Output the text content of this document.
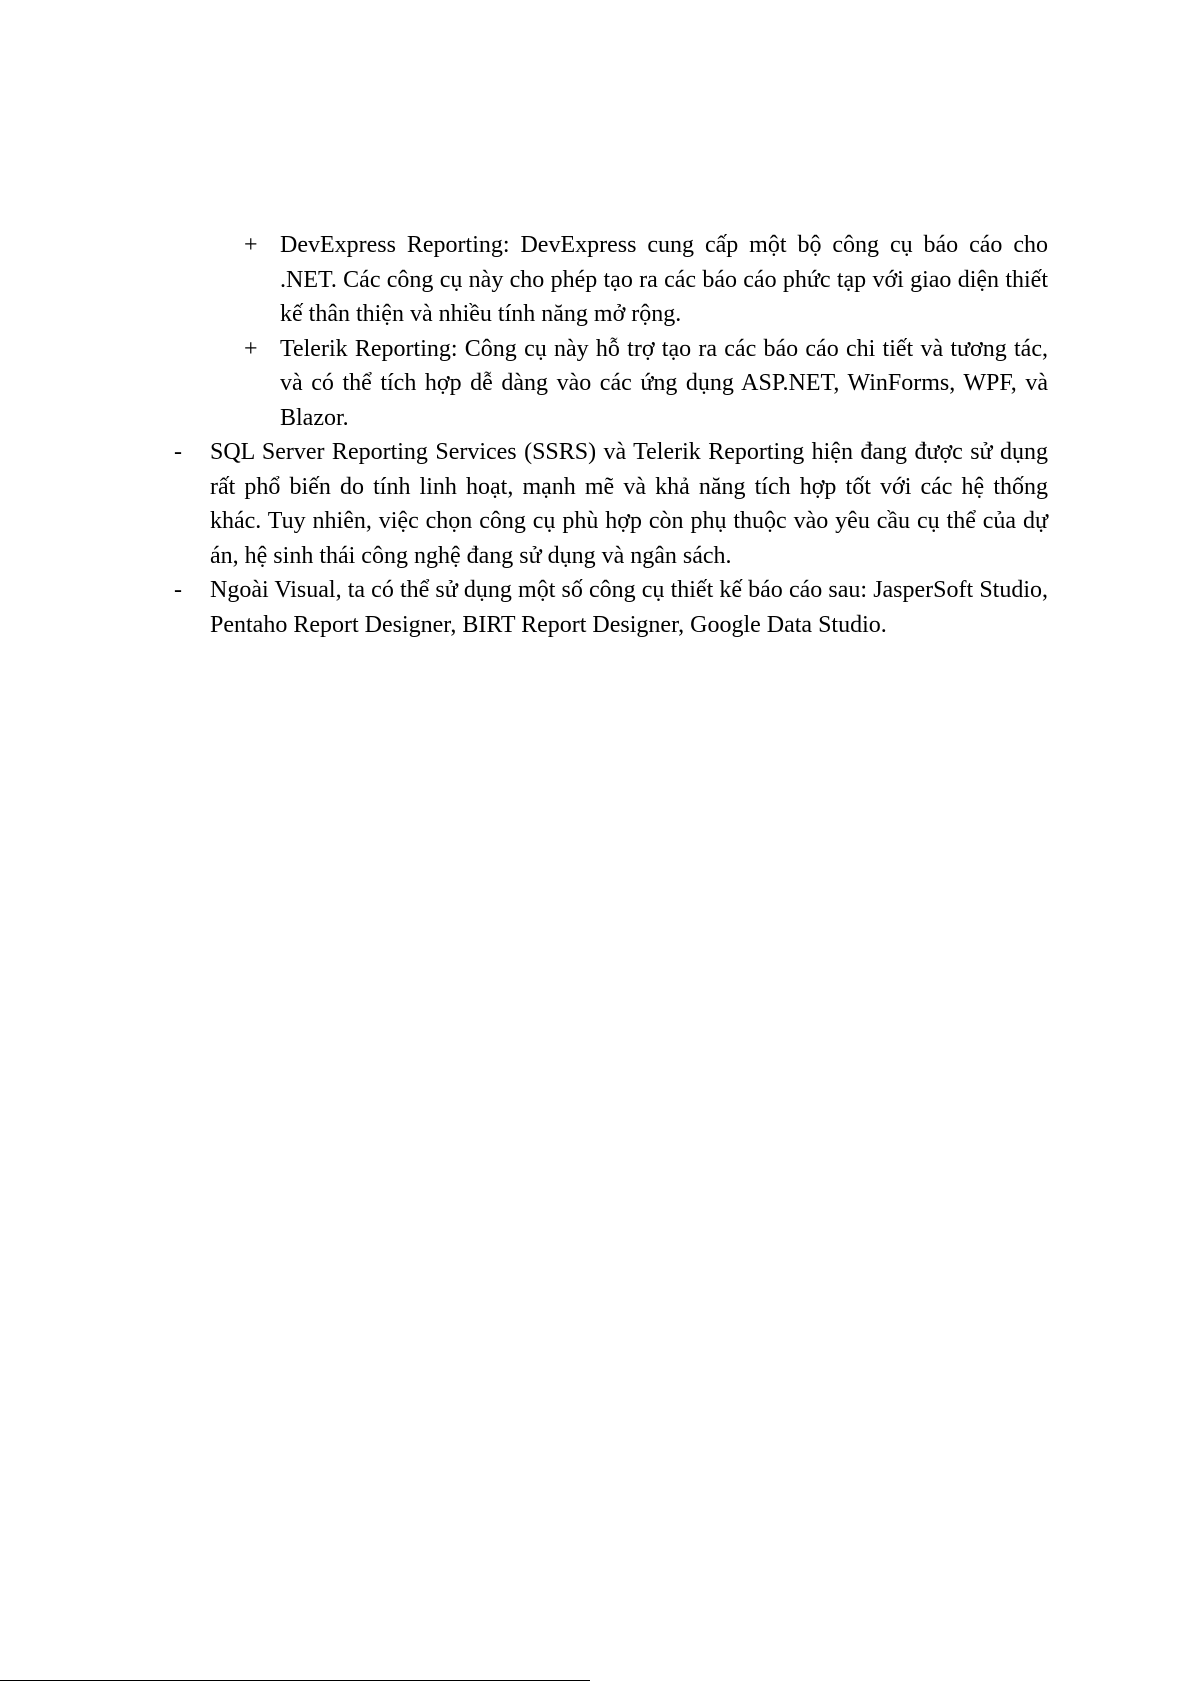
+ DevExpress Reporting: DevExpress cung cấp một bộ công cụ báo cáo cho .NET. Các công cụ này cho phép tạo ra các báo cáo phức tạp với giao diện thiết kế thân thiện và nhiều tính năng mở rộng.

+ Telerik Reporting: Công cụ này hỗ trợ tạo ra các báo cáo chi tiết và tương tác, và có thể tích hợp dễ dàng vào các ứng dụng ASP.NET, WinForms, WPF, và Blazor.

- SQL Server Reporting Services (SSRS) và Telerik Reporting hiện đang được sử dụng rất phổ biến do tính linh hoạt, mạnh mẽ và khả năng tích hợp tốt với các hệ thống khác. Tuy nhiên, việc chọn công cụ phù hợp còn phụ thuộc vào yêu cầu cụ thể của dự án, hệ sinh thái công nghệ đang sử dụng và ngân sách.

- Ngoài Visual, ta có thể sử dụng một số công cụ thiết kế báo cáo sau: JasperSoft Studio, Pentaho Report Designer, BIRT Report Designer, Google Data Studio.
